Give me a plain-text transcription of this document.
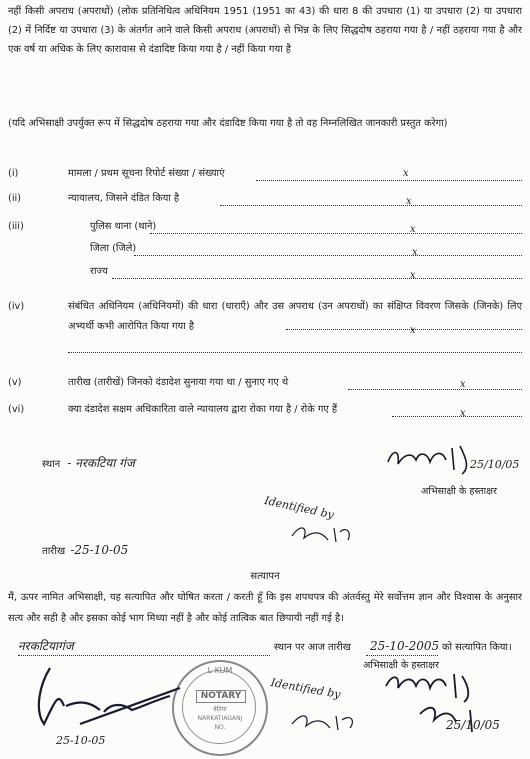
नहीं किसी अपराध (अपराधों) (लोक प्रतिनिधित्व अधिनियम 1951 (1951 का 43) की धारा 8 की उपधारा (1) या उपधारा (2) या उपधारा (2) में निर्दिष्ट या उपधारा (3) के अंतर्गत आने वाले किसी अपराध (अपराधों) से भिन्न के लिए सिद्धदोष ठहराया गया है / नहीं ठहराया गया है और एक वर्ष या अधिक के लिए कारावास से दंडादिष्ट किया गया है / नहीं किया गया है
(यदि अभिसाक्षी उपर्युक्त रूप में सिद्धदोष ठहराया गया और दंडादिष्ट किया गया है तो वह निम्नलिखित जानकारी प्रस्तुत करेगा)
(i)	मामला / प्रथम सूचना रिपोर्ट संख्या / संख्याएं	x
(ii)	न्यायालय, जिसने दंडित किया है	x
(iii)	पुलिस थाना (थाने)	x
जिला (जिले)	x
राज्य	x
(iv)	संबंधित अधिनियम (अधिनियमों) की धारा (धाराएँ) और उस अपराध (उन अपराधों) का संक्षिप्त विवरण जिसके (जिनके) लिए अभ्यर्थी कभी आरोपित किया गया है	x
(v)	तारीख (तारीखें) जिनको दंडादेश सुनाया गया था / सुनाए गए थे	x
(vi)	क्या दंडादेश सक्षम अधिकारिता वाले न्यायालय द्वारा रोका गया है / रोके गए हैं	x
स्थान - नरकटिया गंज	25/10/05
अभिसाक्षी के हस्ताक्षर
Identified by
तारीख -25-10-05
सत्यापन
मैं, ऊपर नामित अभिसाक्षी, यह सत्यापित और घोषित करता / करती हूँ कि इस शपथपत्र की अंतर्वस्तु मेरे सर्वोत्तम ज्ञान और विश्वास के अनुसार सत्य और सही है और इसका कोई भाग मिथ्या नहीं है और कोई तात्विक बात छिपायी नहीं गई है।
नरकटियागंज	स्थान पर आज तारीख 25-10-2005 को सत्यापित किया।
L KUM
NOTARY
बेतिया
NARKATIAGANJ
NO.
25-10-05
Identified by
अभिसाक्षी के हस्ताक्षर
25/10/05
